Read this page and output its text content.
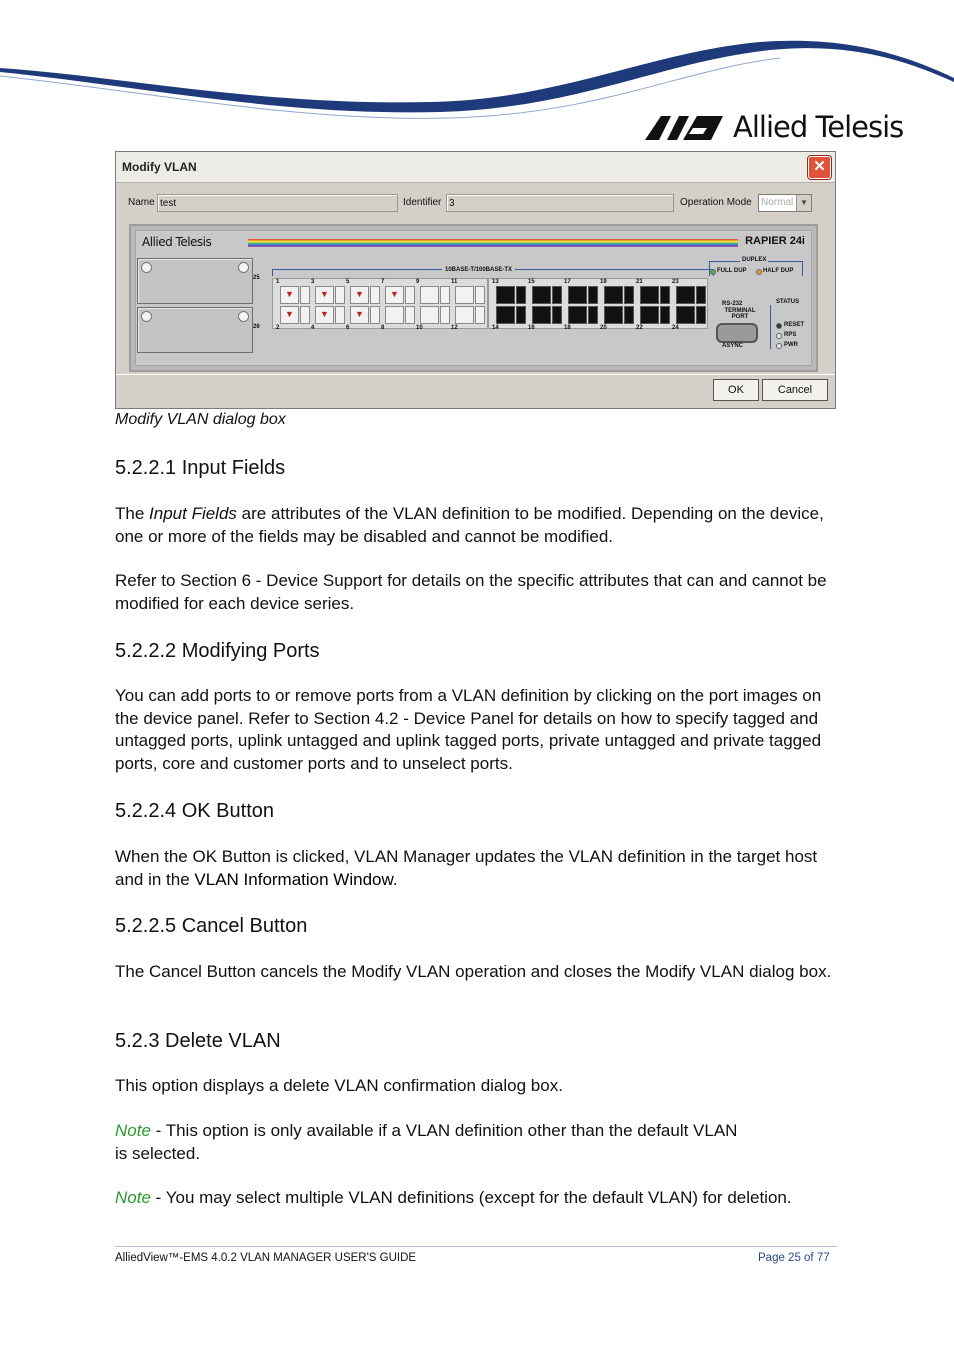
Allied Telesis
Modify VLAN	✕
Name test	Identifier 3	Operation Mode Normal ▼
Allied Telesis	RAPIER 24i
25
26
10BASE-T/100BASE-TX
1
▼
▼
2
3
▼
▼
4
5
▼
▼
6
7
▼
8
9
10
11
12
13
14
15
16
17
18
19
20
21
22
23
24
DUPLEX
FULL DUP	HALF DUP
RS-232
TERMINAL PORT
ASYNC
STATUS
RESET
RPS
PWR
OK	Cancel
Modify VLAN dialog box
5.2.2.1 Input Fields

The Input Fields are attributes of the VLAN definition to be modified. Depending on the device, one or more of the fields may be disabled and cannot be modified.

Refer to Section 6 - Device Support for details on the specific attributes that can and cannot be modified for each device series.

5.2.2.2 Modifying Ports

You can add ports to or remove ports from a VLAN definition by clicking on the port images on the device panel. Refer to Section 4.2 - Device Panel for details on how to specify tagged and untagged ports, uplink untagged and uplink tagged ports, private untagged and private tagged ports, core and customer ports and to unselect ports.

5.2.2.4 OK Button

When the OK Button is clicked, VLAN Manager updates the VLAN definition in the target host and in the VLAN Information Window.

5.2.2.5 Cancel Button

The Cancel Button cancels the Modify VLAN operation and closes the Modify VLAN dialog box.

5.2.3 Delete VLAN

This option displays a delete VLAN confirmation dialog box.

Note - This option is only available if a VLAN definition other than the default VLAN
is selected.

Note - You may select multiple VLAN definitions (except for the default VLAN) for deletion.

AlliedView™-EMS 4.0.2 VLAN MANAGER USER'S GUIDE	Page 25 of 77
